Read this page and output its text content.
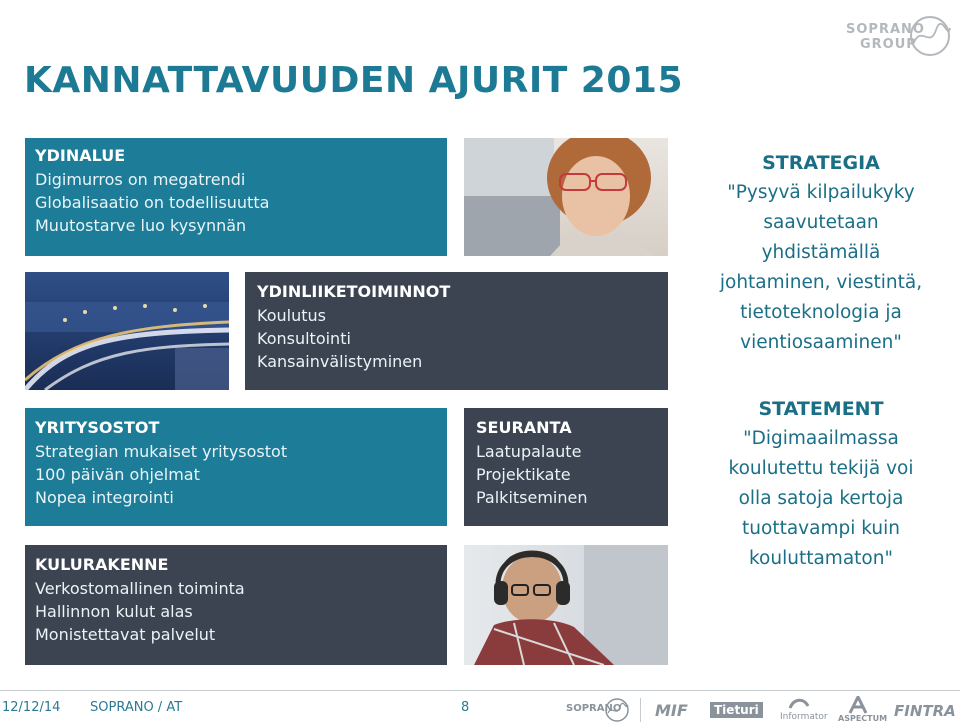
KANNATTAVUUDEN AJURIT 2015
SOPRANO
GROUP
YDINALUE
Digimurros on megatrendi
Globalisaatio on todellisuutta
Muutostarve luo kysynnän
STRATEGIA
"Pysyvä kilpailukyky
saavutetaan
yhdistämällä
johtaminen, viestintä,
tietoteknologia ja
vientiosaaminen"
YDINLIIKETOIMINNOT
Koulutus
Konsultointi
Kansainvälistyminen
YRITYSOSTOT
Strategian mukaiset yritysostot
100 päivän ohjelmat
Nopea integrointi
SEURANTA
Laatupalaute
Projektikate
Palkitseminen
STATEMENT
"Digimaailmassa
koulutettu tekijä voi
olla satoja kertoja
tuottavampi kuin
kouluttamaton"
KULURAKENNE
Verkostomallinen toiminta
Hallinnon kulut alas
Monistettavat palvelut
12/12/14 SOPRANO / AT	8	SOPRANO MIF	Tieturi	Informator ASPECTUM FINTRA
